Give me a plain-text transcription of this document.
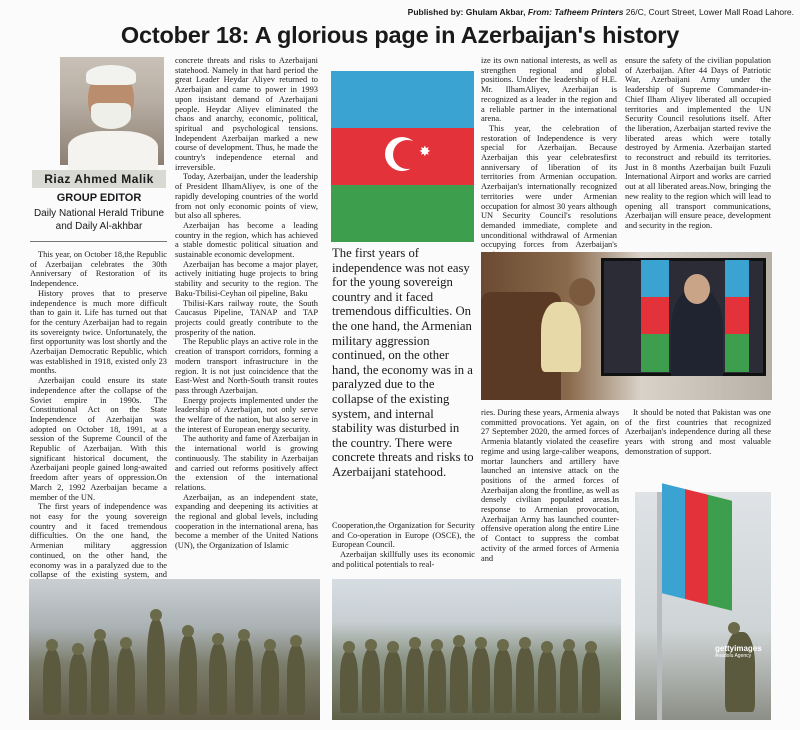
Published by: Ghulam Akbar, From: Tafheem Printers 26/C, Court Street, Lower Mall Road Lahore.
October 18: A glorious page in Azerbaijan's history
Riaz Ahmed Malik
GROUP EDITOR
Daily National Herald Tribune
and Daily Al-akhbar

This year, on October 18,the Republic of Azerbaijan celebrates the 30th Anniversary of Restoration of its Independence.

History proves that to preserve independence is much more difficult than to gain it. Life has turned out that for the century Azerbaijan had to regain its sovereignty twice. Unfortunately, the first opportunity was lost shortly and the Azerbaijan Democratic Republic, which was established in 1918, existed only 23 months.

Azerbaijan could ensure its state independence after the collapse of the Soviet empire in 1990s. The Constitutional Act on the State Independence of Azerbaijan was adopted on October 18, 1991, at a session of the Supreme Council of the Republic of Azerbaijan. With this significant historical document, the Azerbaijani people gained long-awaited freedom after years of oppression.On March 2, 1992 Azerbaijan became a member of the UN.

The first years of independence was not easy for the young sovereign country and it faced tremendous difficulties. On the one hand, the Armenian military aggression continued, on the other hand, the economy was in a paralyzed due to the collapse of the existing system, and

concrete threats and risks to Azerbaijani statehood. Namely in that hard period the great Leader Heydar Aliyev returned to Azerbaijan and came to power in 1993 upon insistant demand of Azerbaijani people. Heydar Aliyev eliminated the chaos and anarchy, economic, political, spiritual and psychological tensions. Independent Azerbaijan marked a new course of development. Thus, he made the country's independence eternal and irreversible.

Today, Azerbaijan, under the leadership of President IlhamAliyev, is one of the rapidly developing countries of the world from not only economic points of view, but also all spheres.

Azerbaijan has become a leading country in the region, which has achieved a stable domestic political situation and sustainable economic development.

Azerbaijan has become a major player, actively initiating huge projects to bring stability and security to the region. The Baku-Tbilisi-Ceyhan oil pipeline, Baku

Tbilisi-Kars railway route, the South Caucasus Pipeline, TANAP and TAP projects could greatly contribute to the prosperity of the nation.

The Republic plays an active role in the creation of transport corridors, forming a modern transport infrastructure in the region. It is not just coincidence that the East-West and North-South transit routes pass through Azerbaijan.

Energy projects implemented under the leadership of Azerbaijan, not only serve the welfare of the nation, but also serve in the interest of European energy security.

The authority and fame of Azerbaijan in the international world is growing continuously. The stability in Azerbaijan and carried out reforms positively affect the extension of the international relations.

Azerbaijan, as an independent state, expanding and deepening its activities at the regional and global levels, including cooperation in the international arena, has become a member of the United Nations (UN), the Organization of Islamic

✸
The first years of independence was not easy for the young sovereign country and it faced tremendous difficulties. On the one hand, the Armenian military aggression continued, on the other hand, the economy was in a paralyzed due to the collapse of the existing system, and internal stability was disturbed in the country. There were concrete threats and risks to Azerbaijani statehood.

ize its own national interests, as well as strengthen regional and global positions. Under the leadership of H.E. Mr. IlhamAliyev, Azerbaijan is recognized as a leader in the region and a reliable partner in the international arena.

This year, the celebration of restoration of Independence is very special for Azerbaijan. Because Azerbaijan this year celebratesfirst anniversary of liberation of its territories from Armenian occupation. Azerbaijan's internationally recognized territories were under Armenian occupation for almost 30 years although UN Security Council's resolutions demanded immediate, complete and unconditional withdrawal of Armenian occupying forces from Azerbaijan's

ensure the safety of the civilian population of Azerbaijan. After 44 Days of Patriotic War, Azerbaijani Army under the leadership of Supreme Commander-in-Chief Ilham Aliyev liberated all occupied territories and implemented the UN Security Council resolutions itself. After the liberation, Azerbaijan started revive the liberated areas which were totally destroyed by Armenia. Azerbaijan started to reconstruct and rebuild its territories. Just in 8 months Azerbaijan built Fuzuli International Airport and works are carried out at all liberated areas.Now, bringing the new reality to the region which will lead to opening all transport communications, Azerbaijan will ensure peace, development and security in the region.

Cooperation,the Organization for Security and Co-operation in Europe (OSCE), the European Council.

Azerbaijan skillfully uses its economic and political potentials to real-

ries. During these years, Armenia always committed provocations. Yet again, on 27 September 2020, the armed forces of Armenia blatantly violated the ceasefire regime and using large-caliber weapons, mortar launchers and artillery have launched an intensive attack on the positions of the armed forces of Azerbaijan along the frontline, as well as densely civilian populated areas.In response to Armenian provocation, Azerbaijan Army has launched counter-offensive operation along the entire Line of Contact to suppress the combat activity of the armed forces of Armenia and

It should be noted that Pakistan was one of the first countries that recognized Azerbaijan's independence during all these years with strong and most valuable demonstration of support.

gettyimages
Anadolu Agency
